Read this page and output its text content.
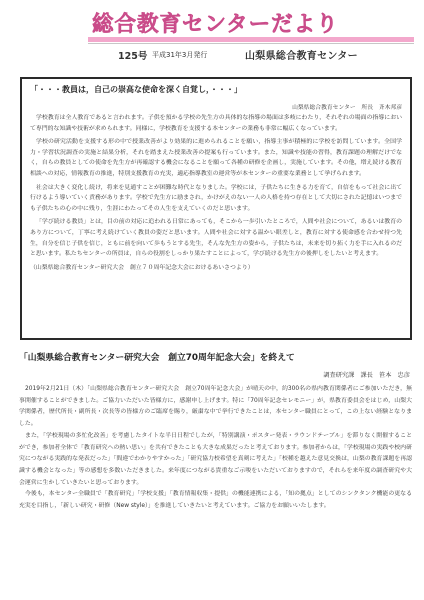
総合教育センターだより
125号 平成31年3月発行	山梨県総合教育センター
「・・・教員は，自己の崇高な使命を深く自覚し，・・・」
山梨県総合教育センター　所長　斉木邦彦

学校教育は全人教育であると言われます。子供を預かる学校の先生方の具体的な指導の場面は多岐にわたり，それぞれの場面の指導において専門的な知識や技術が求められます。同様に，学校教育を支援する本センターの業務も非常に幅広くなっています。

学校の研究活動を支援する形の中で授業改善がより効果的に進められることを願い，指導主事が積極的に学校を訪問しています。全国学力・学習状況調査の実施と結果分析，それを踏まえた授業改善の提案も行っています。また，知識や技能の習得，教育課題の理解だけでなく，自らの教員としての使命を先生方が再確認する機会になることを願って各種の研修を企画し，実施しています。その他，増え続ける教育相談への対応，情報教育の推進，特別支援教育の充実，適応指導教室の運営等が本センターの重要な業務として挙げられます。

社会は大きく変化し続け，将来を見通すことが困難な時代となりました。学校には，子供たちに生きる力を育て，自信をもって社会に出て行けるよう導いていく責務があります。学校で先生方に励まされ，かけがえのない一人の人格を持つ存在として大切にされた記憶はいつまでも子供たちの心の中に残り，生涯にわたってその人生を支えていくのだと思います。

「学び続ける教員」とは，目の前の対応に追われる日常にあっても，そこから一歩引いたところで，人間や社会について，あるいは教育のあり方について，丁寧に考え続けていく教員の姿だと思います。人間や社会に対する温かい眼差しと，教育に対する使命感を合わせ持つ先生，自分を信じ子供を信じ，ともに前を向いて歩もうとする先生，そんな先生方の姿から，子供たちは，未来を切り拓く力を手に入れるのだと思います。私たちセンターの所員は，自らの役割をしっかり果たすことによって，学び続ける先生方の後押しをしたいと考えます。

（山梨県総合教育センター研究大会　創立７０周年記念大会におけるあいさつより）

「山梨県総合教育センター研究大会　創立70周年記念大会」を終えて
調査研究課　課長　笹本　忠彦

2019年2月21日（木）「山梨県総合教育センター研究大会　創立70周年記念大会」が晴天の中，約300名の県内教育関係者にご参加いただき，無事開催することができました。ご協力いただいた皆様方に，感謝申し上げます。特に「70周年記念セレモニー」が，県教育委員会をはじめ，山梨大学関係者，歴代所長・副所長・次長等の皆様方のご臨席を賜り，厳粛な中で挙行できたことは，本センター職員にとって，この上ない経験となりました。

また，「学校現場の多忙化改善」を考慮したタイトな半日日程でしたが，「特別講演・ポスター発表・ラウンドテーブル」を滞りなく開催することができ，参加者全体で「教育研究への熱い思い」を共有できたことも大きな成果だったと考えております。参加者からは，「学校現場の実践や校内研究につながる実践的な発表だった」「間違でわかりやすかった」「研究協力校希望を真剣に考えた」「校種を越えた意見交換は，山梨の教育課題を再認識する機会となった」等の感想を多数いただきました。来年度につながる貴重なご示唆をいただいておりますので，それらを来年度の調査研究や大会運営に生かしていきたいと思っております。

今後も，本センター全職員で「教育研究」「学校支援」「教育情報収集・提供」の機能連携による，「知の拠点」としてのシンクタンク機能の更なる充実を目指し，「新しい研究・研修（New style）」を推進していきたいと考えています。ご協力をお願いいたします。
